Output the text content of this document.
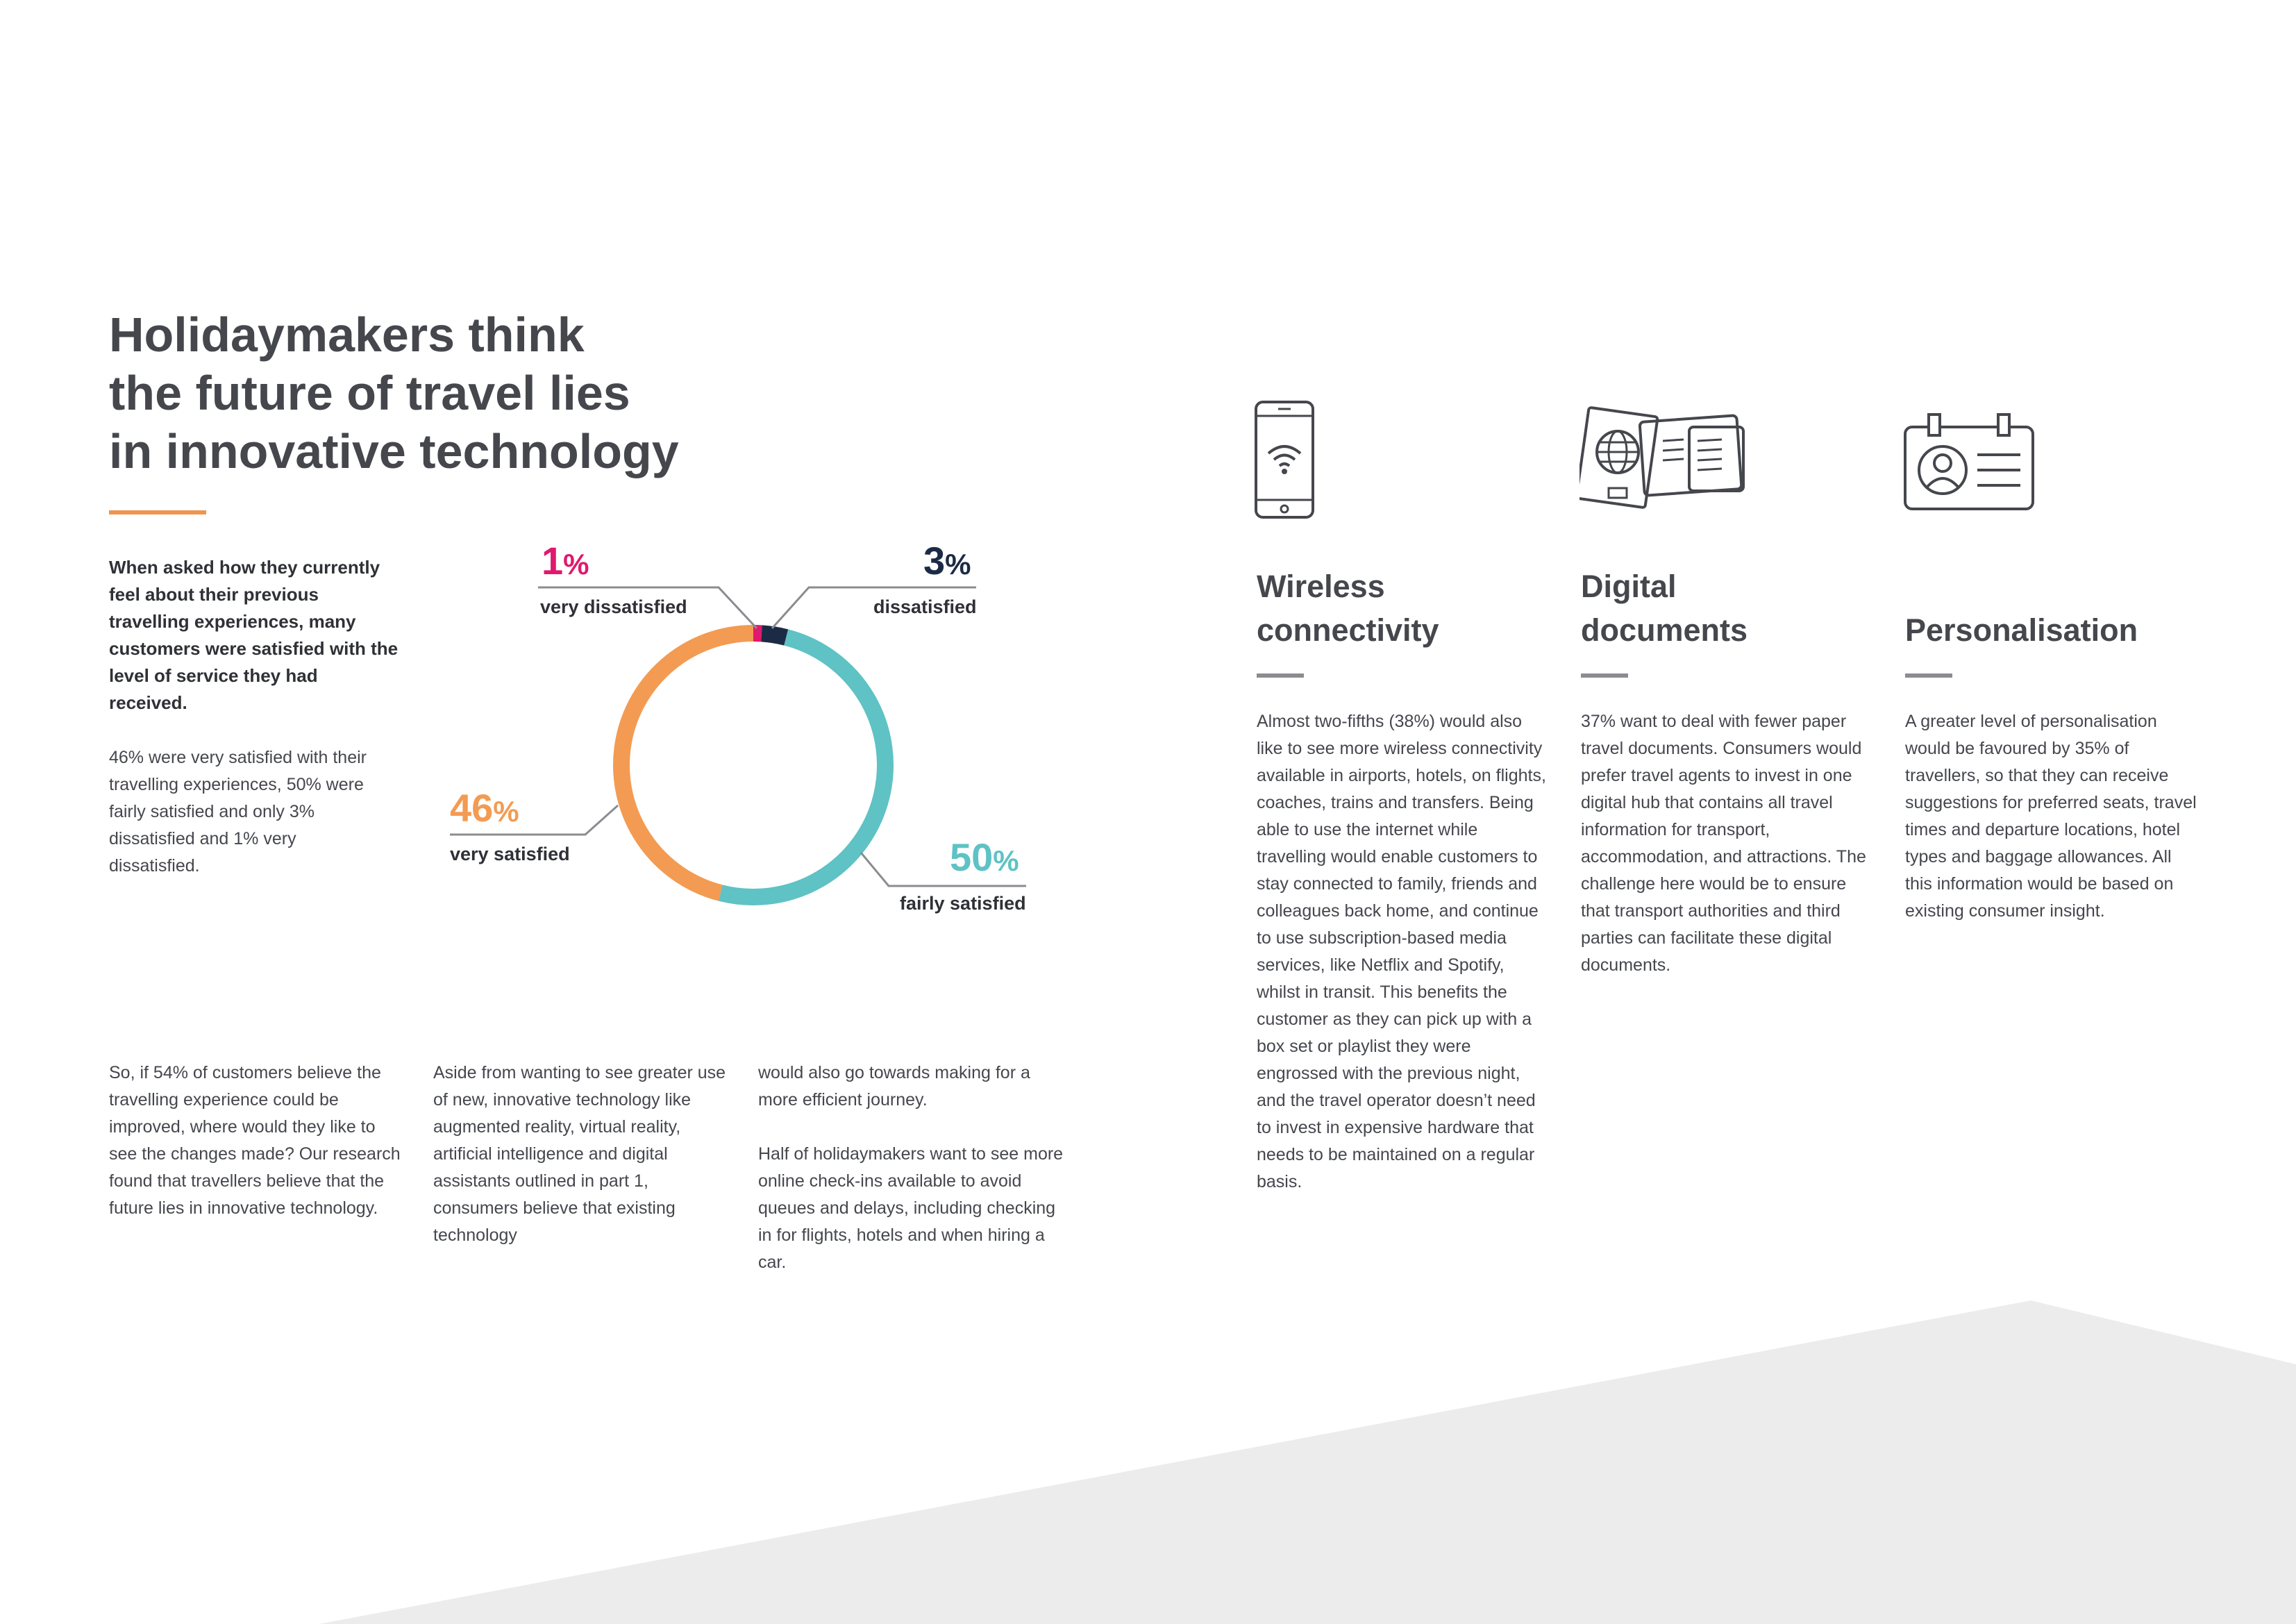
Holidaymakers think
the future of travel lies
in innovative technology
When asked how they currently feel about their previous travelling experiences, many customers were satisfied with the level of service they had received.

46% were very satisfied with their travelling experiences, 50% were fairly satisfied and only 3% dissatisfied and 1% very dissatisfied.

1%
very dissatisfied
3%
dissatisfied
50%
fairly satisfied
46%
very satisfied

So, if 54% of customers believe the travelling experience could be improved, where would they like to see the changes made? Our research found that travellers believe that the future lies in innovative technology.

Aside from wanting to see greater use of new, innovative technology like augmented reality, virtual reality, artificial intelligence and digital assistants outlined in part 1, consumers believe that existing technology

would also go towards making for a more efficient journey.

Half of holidaymakers want to see more online check-ins available to avoid queues and delays, including checking in for flights, hotels and when hiring a car.

Wireless
connectivity

Almost two-fifths (38%) would also like to see more wireless connectivity available in airports, hotels, on flights, coaches, trains and transfers. Being able to use the internet while travelling would enable customers to stay connected to family, friends and colleagues back home, and continue to use subscription-based media services, like Netflix and Spotify, whilst in transit. This benefits the customer as they can pick up with a box set or playlist they were engrossed with the previous night, and the travel operator doesn’t need to invest in expensive hardware that needs to be maintained on a regular basis.

Digital
documents

37% want to deal with fewer paper travel documents. Consumers would prefer travel agents to invest in one digital hub that contains all travel information for transport, accommodation, and attractions. The challenge here would be to ensure that transport authorities and third parties can facilitate these digital documents.

Personalisation

A greater level of personalisation would be favoured by 35% of travellers, so that they can receive suggestions for preferred seats, travel times and departure locations, hotel types and baggage allowances. All this information would be based on existing consumer insight.
